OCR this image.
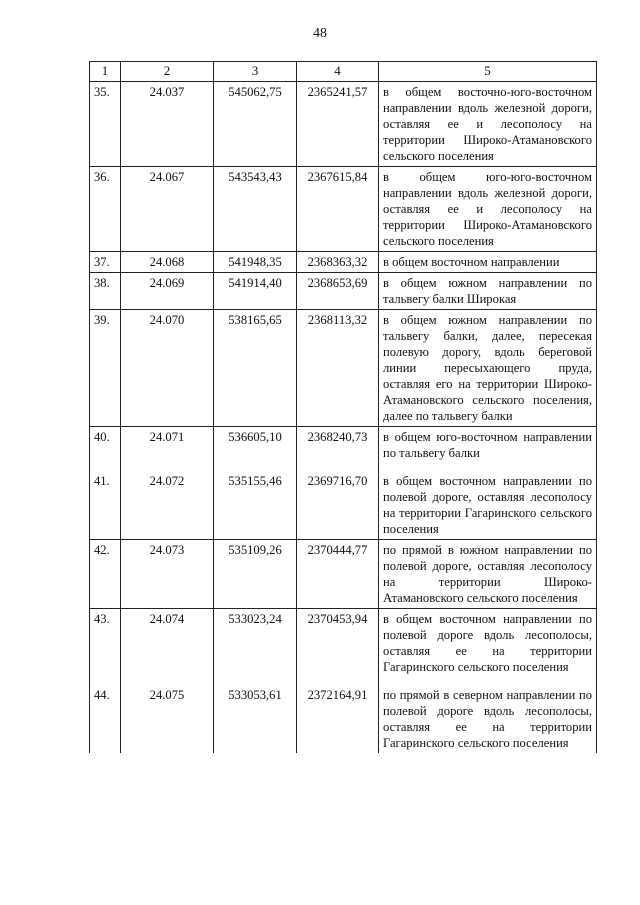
48
1	2	3	4	5
35.	24.037	545062,75	2365241,57	в общем восточно-юго-восточном направлении вдоль железной дороги, оставляя ее и лесополосу на территории Широко-Атамановского сельского поселения
36.	24.067	543543,43	2367615,84	в общем юго-юго-восточном направлении вдоль железной дороги, оставляя ее и лесополосу на территории Широко-Атамановского сельского поселения
37.	24.068	541948,35	2368363,32	в общем восточном направлении
38.	24.069	541914,40	2368653,69	в общем южном направлении по тальвегу балки Широкая
39.	24.070	538165,65	2368113,32	в общем южном направлении по тальвегу балки, далее, пересекая полевую дорогу, вдоль береговой линии пересыхающего пруда, оставляя его на территории Широко-Атамановского сельского поселения, далее по тальвегу балки
40.	24.071	536605,10	2368240,73	в общем юго-восточном направлении по тальвегу балки

41.	24.072	535155,46	2369716,70	в общем восточном направлении по полевой дороге, оставляя лесополосу на территории Гагаринского сельского поселения
42.	24.073	535109,26	2370444,77	по прямой в южном направлении по полевой дороге, оставляя лесополосу на территории Широко-Атамановского сельского поселения
43.	24.074	533023,24	2370453,94	в общем восточном направлении по полевой дороге вдоль лесополосы, оставляя ее на территории Гагаринского сельского поселения

44.	24.075	533053,61	2372164,91	по прямой в северном направлении по полевой дороге вдоль лесополосы, оставляя ее на территории Гагаринского сельского поселения
